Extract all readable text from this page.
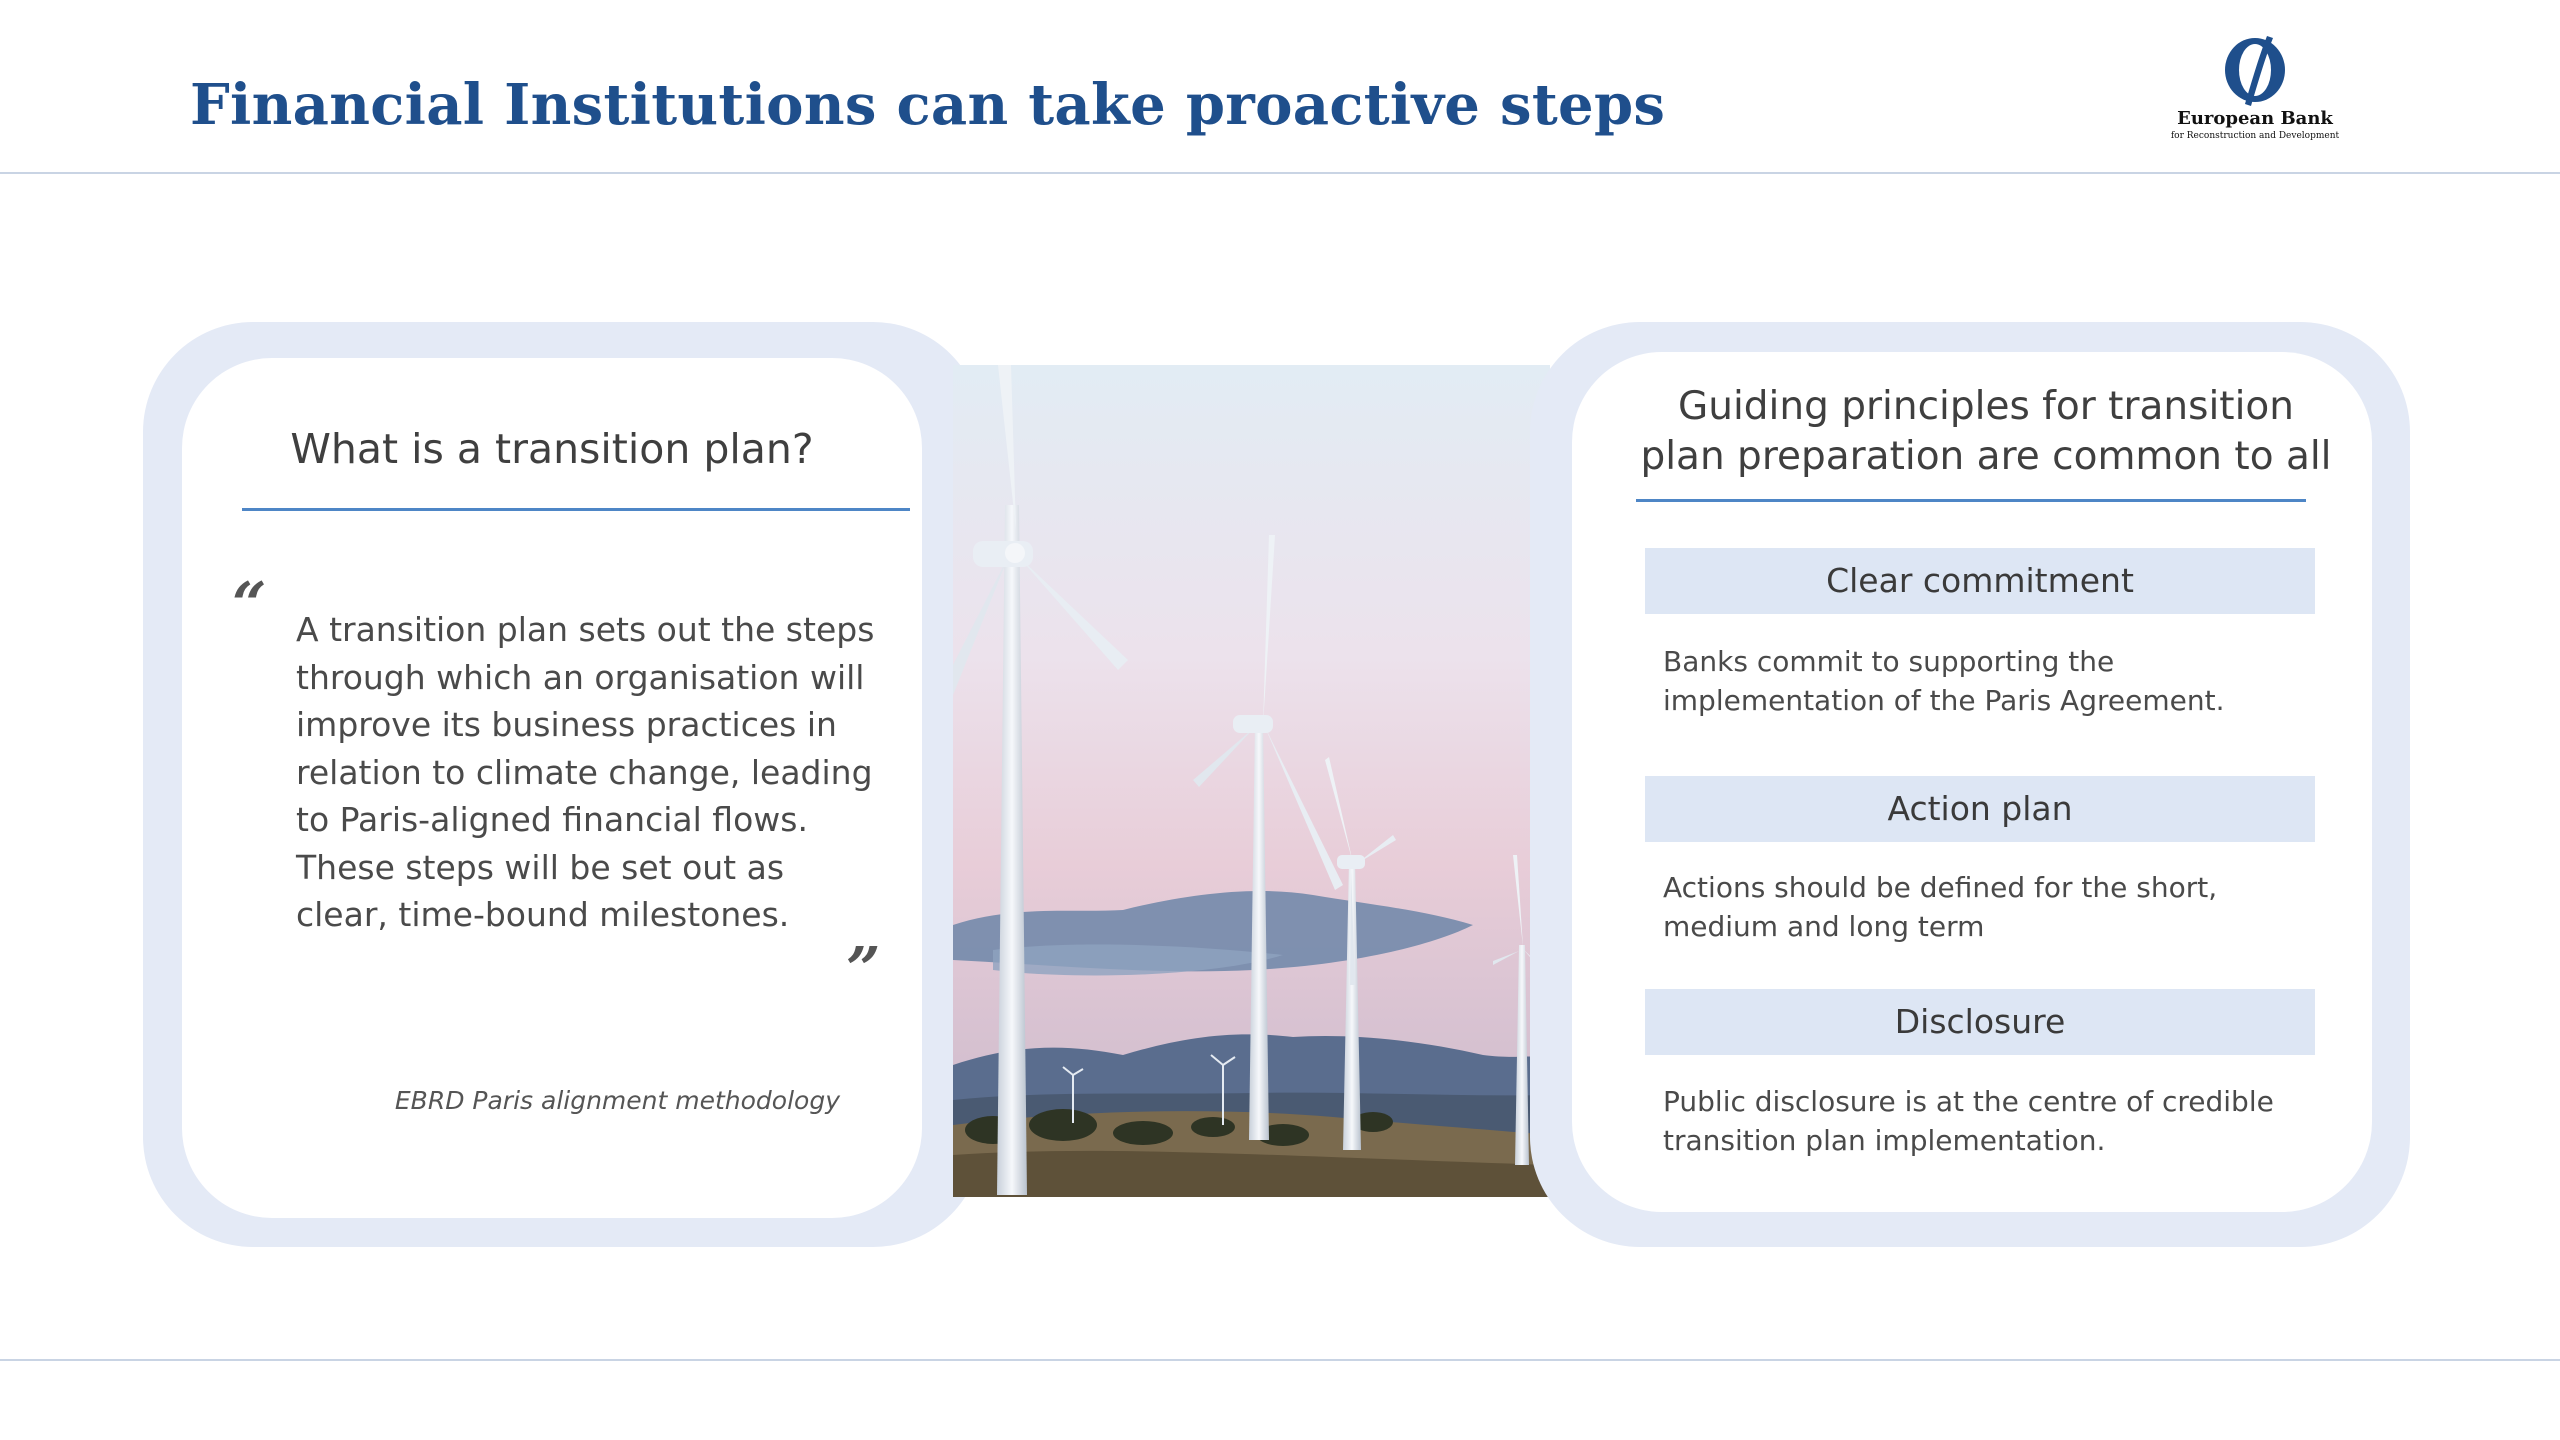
Financial Institutions can take proactive steps	European Bank
for Reconstruction and Development
What is a transition plan?
“ A transition plan sets out the steps through which an organisation will improve its business practices in relation to climate change, leading to Paris-aligned financial flows. These steps will be set out as clear, time-bound milestones.
”
EBRD Paris alignment methodology
Guiding principles for transition
plan preparation are common to all
Clear commitment
Banks commit to supporting the
implementation of the Paris Agreement.
Action plan
Actions should be defined for the short,
medium and long term
Disclosure
Public disclosure is at the centre of credible
transition plan implementation.
